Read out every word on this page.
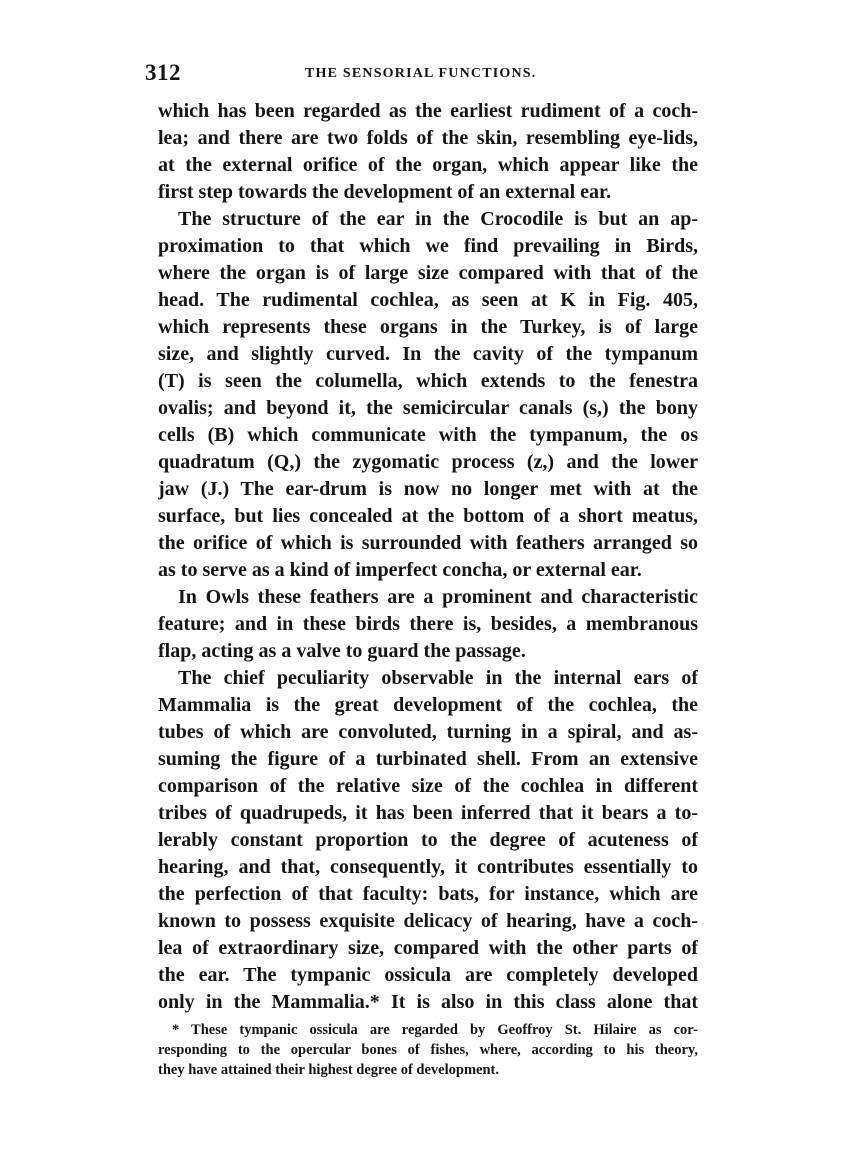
312	THE SENSORIAL FUNCTIONS.
which has been regarded as the earliest rudiment of a coch-
lea; and there are two folds of the skin, resembling eye-lids,
at the external orifice of the organ, which appear like the
first step towards the development of an external ear.
The structure of the ear in the Crocodile is but an ap-
proximation to that which we find prevailing in Birds,
where the organ is of large size compared with that of the
head. The rudimental cochlea, as seen at K in Fig. 405,
which represents these organs in the Turkey, is of large
size, and slightly curved. In the cavity of the tympanum
(T) is seen the columella, which extends to the fenestra
ovalis; and beyond it, the semicircular canals (s,) the bony
cells (B) which communicate with the tympanum, the os
quadratum (Q,) the zygomatic process (z,) and the lower
jaw (J.) The ear-drum is now no longer met with at the
surface, but lies concealed at the bottom of a short meatus,
the orifice of which is surrounded with feathers arranged so
as to serve as a kind of imperfect concha, or external ear.
In Owls these feathers are a prominent and characteristic
feature; and in these birds there is, besides, a membranous
flap, acting as a valve to guard the passage.
The chief peculiarity observable in the internal ears of
Mammalia is the great development of the cochlea, the
tubes of which are convoluted, turning in a spiral, and as-
suming the figure of a turbinated shell. From an extensive
comparison of the relative size of the cochlea in different
tribes of quadrupeds, it has been inferred that it bears a to-
lerably constant proportion to the degree of acuteness of
hearing, and that, consequently, it contributes essentially to
the perfection of that faculty: bats, for instance, which are
known to possess exquisite delicacy of hearing, have a coch-
lea of extraordinary size, compared with the other parts of
the ear. The tympanic ossicula are completely developed
only in the Mammalia.* It is also in this class alone that
* These tympanic ossicula are regarded by Geoffroy St. Hilaire as cor-
responding to the opercular bones of fishes, where, according to his theory,
they have attained their highest degree of development.
